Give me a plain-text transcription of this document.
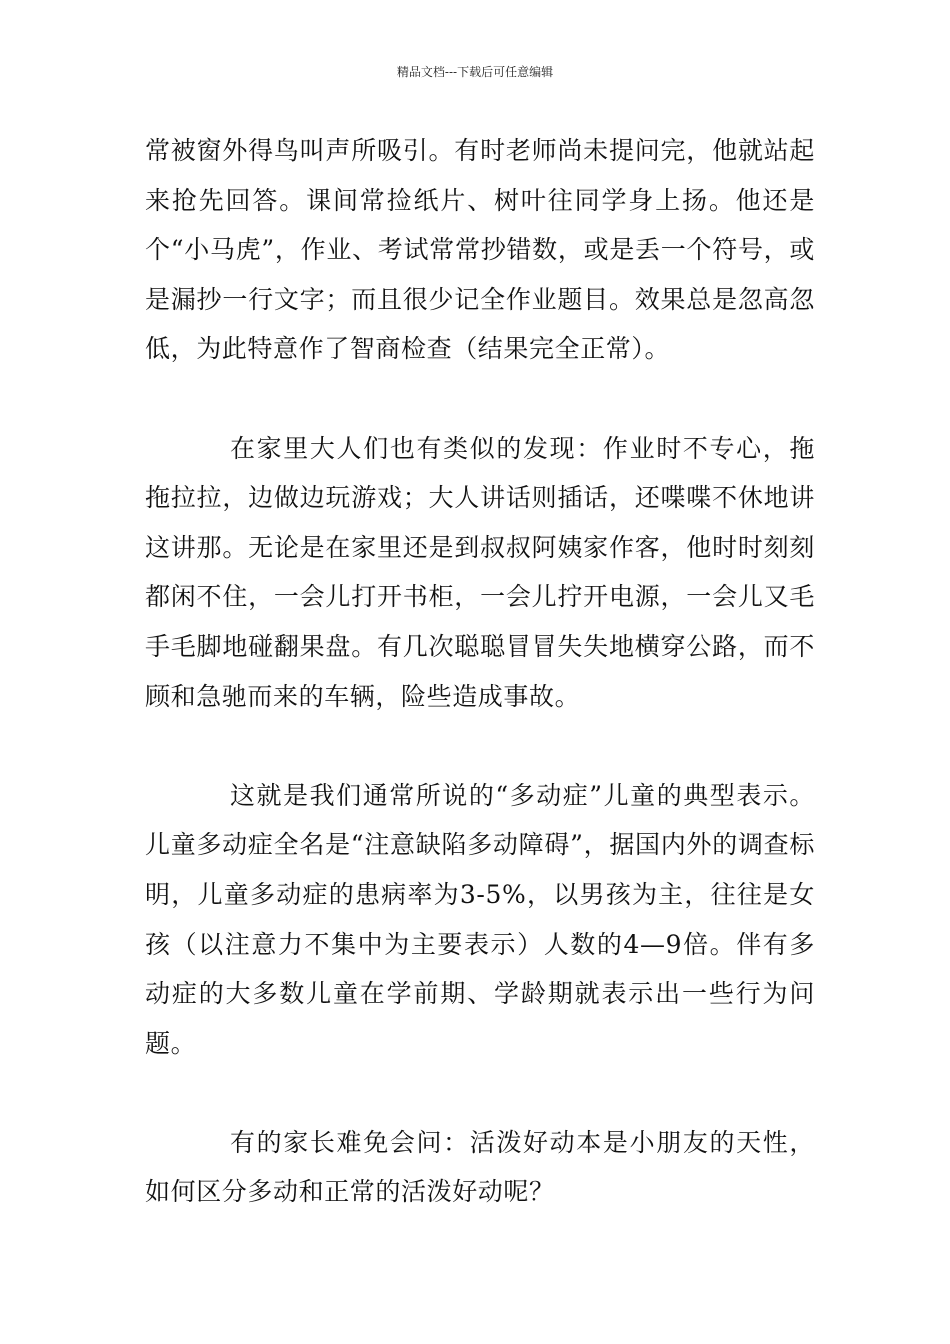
精品文档---下载后可任意编辑

常被窗外得鸟叫声所吸引。有时老师尚未提问完，他就站起来抢先回答。课间常捡纸片、树叶往同学身上扬。他还是个“小马虎”，作业、考试常常抄错数，或是丢一个符号，或是漏抄一行文字；而且很少记全作业题目。效果总是忽高忽低，为此特意作了智商检查（结果完全正常）。

在家里大人们也有类似的发现：作业时不专心，拖拖拉拉，边做边玩游戏；大人讲话则插话，还喋喋不休地讲这讲那。无论是在家里还是到叔叔阿姨家作客，他时时刻刻都闲不住，一会儿打开书柜，一会儿拧开电源，一会儿又毛手毛脚地碰翻果盘。有几次聪聪冒冒失失地横穿公路，而不顾和急驰而来的车辆，险些造成事故。

这就是我们通常所说的“多动症”儿童的典型表示。儿童多动症全名是“注意缺陷多动障碍”，据国内外的调查标明，儿童多动症的患病率为3-5%，以男孩为主，往往是女孩（以注意力不集中为主要表示）人数的4—9倍。伴有多动症的大多数儿童在学前期、学龄期就表示出一些行为问题。

有的家长难免会问：活泼好动本是小朋友的天性，如何区分多动和正常的活泼好动呢？
